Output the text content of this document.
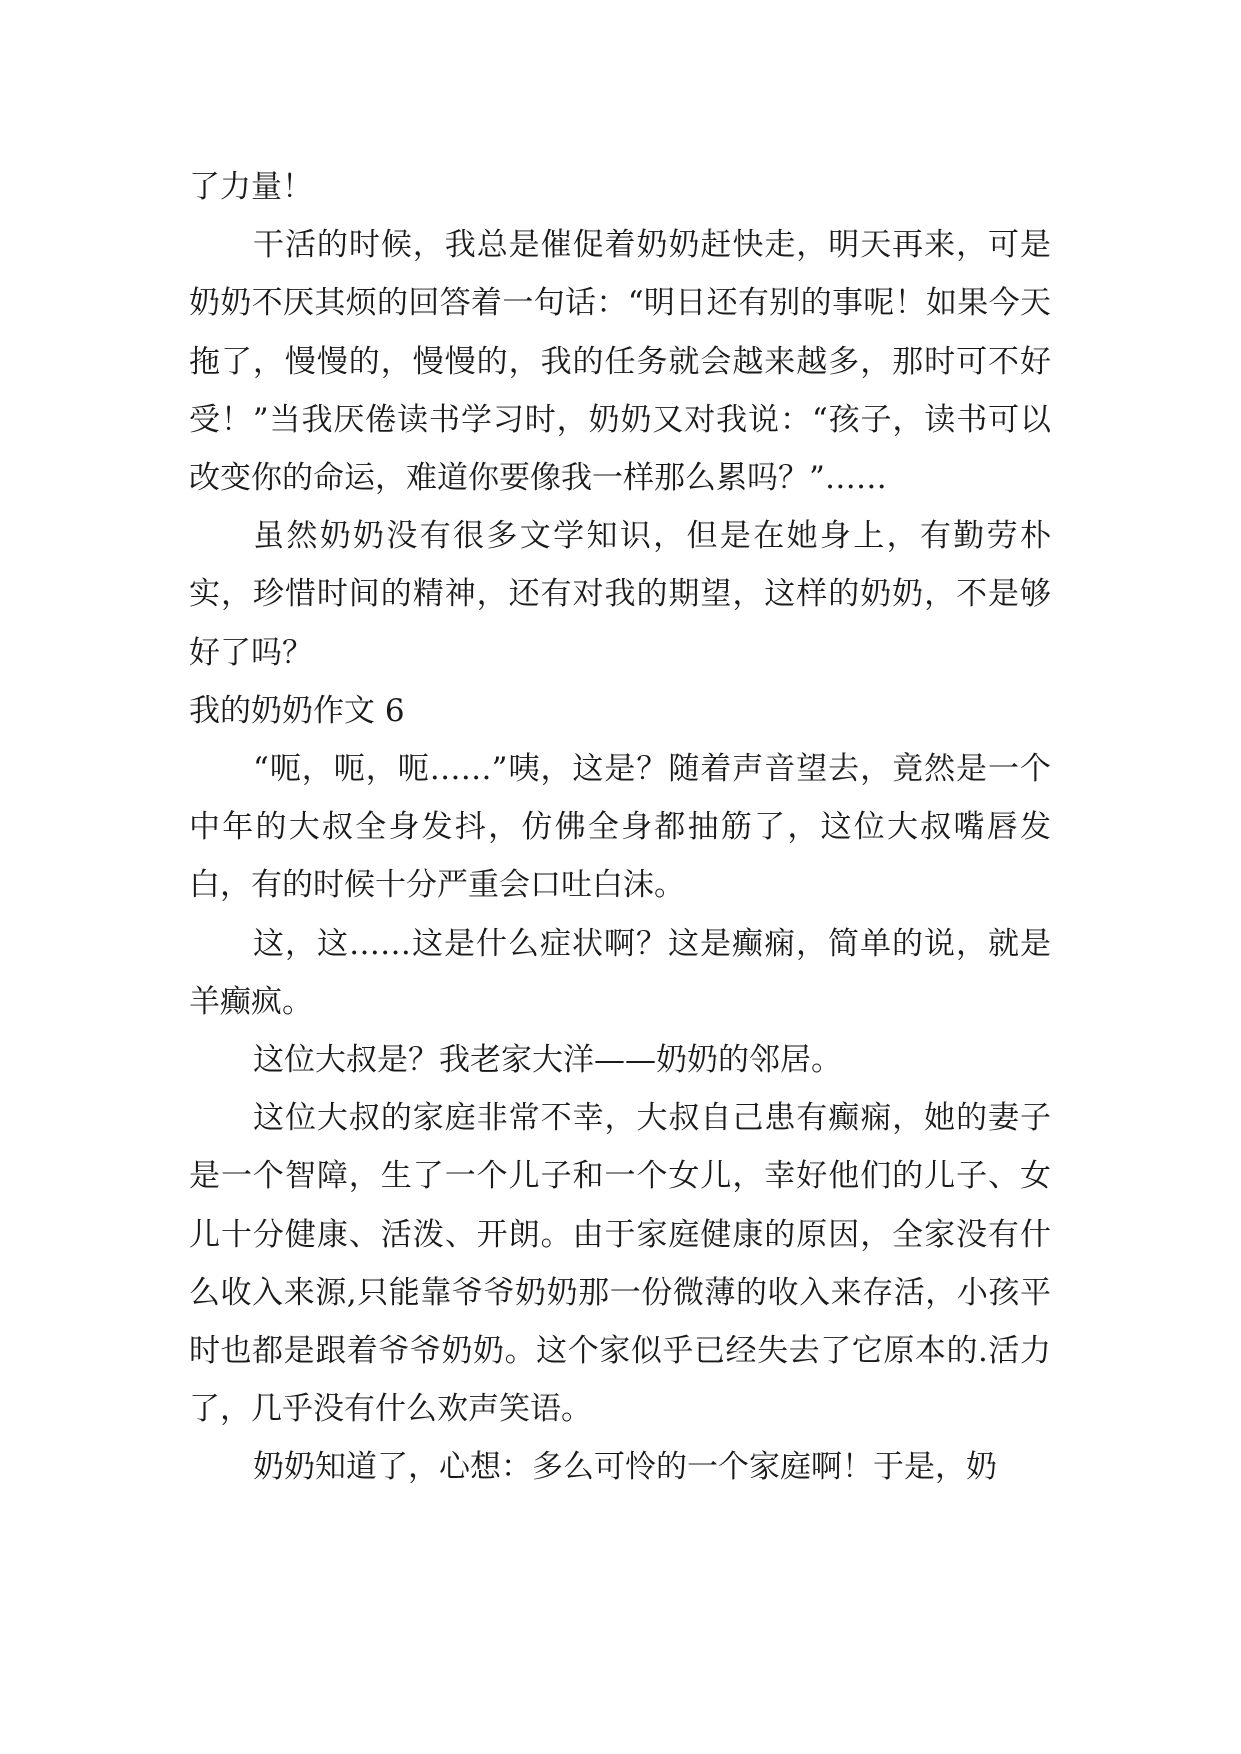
了力量！

干活的时候，我总是催促着奶奶赶快走，明天再来，可是奶奶不厌其烦的回答着一句话：“明日还有别的事呢！如果今天拖了，慢慢的，慢慢的，我的任务就会越来越多，那时可不好受！”当我厌倦读书学习时，奶奶又对我说：“孩子，读书可以改变你的命运，难道你要像我一样那么累吗？”……

虽然奶奶没有很多文学知识，但是在她身上，有勤劳朴实，珍惜时间的精神，还有对我的期望，这样的奶奶，不是够好了吗？

我的奶奶作文 6

“呃，呃，呃……”咦，这是？随着声音望去，竟然是一个中年的大叔全身发抖，仿佛全身都抽筋了，这位大叔嘴唇发白，有的时候十分严重会口吐白沫。

这，这……这是什么症状啊？这是癫痫，简单的说，就是羊癫疯。

这位大叔是？我老家大洋——奶奶的邻居。

这位大叔的家庭非常不幸，大叔自己患有癫痫，她的妻子是一个智障，生了一个儿子和一个女儿，幸好他们的儿子、女儿十分健康、活泼、开朗。由于家庭健康的原因，全家没有什么收入来源,只能靠爷爷奶奶那一份微薄的收入来存活，小孩平时也都是跟着爷爷奶奶。这个家似乎已经失去了它原本的.活力了，几乎没有什么欢声笑语。

奶奶知道了，心想：多么可怜的一个家庭啊！于是，奶
